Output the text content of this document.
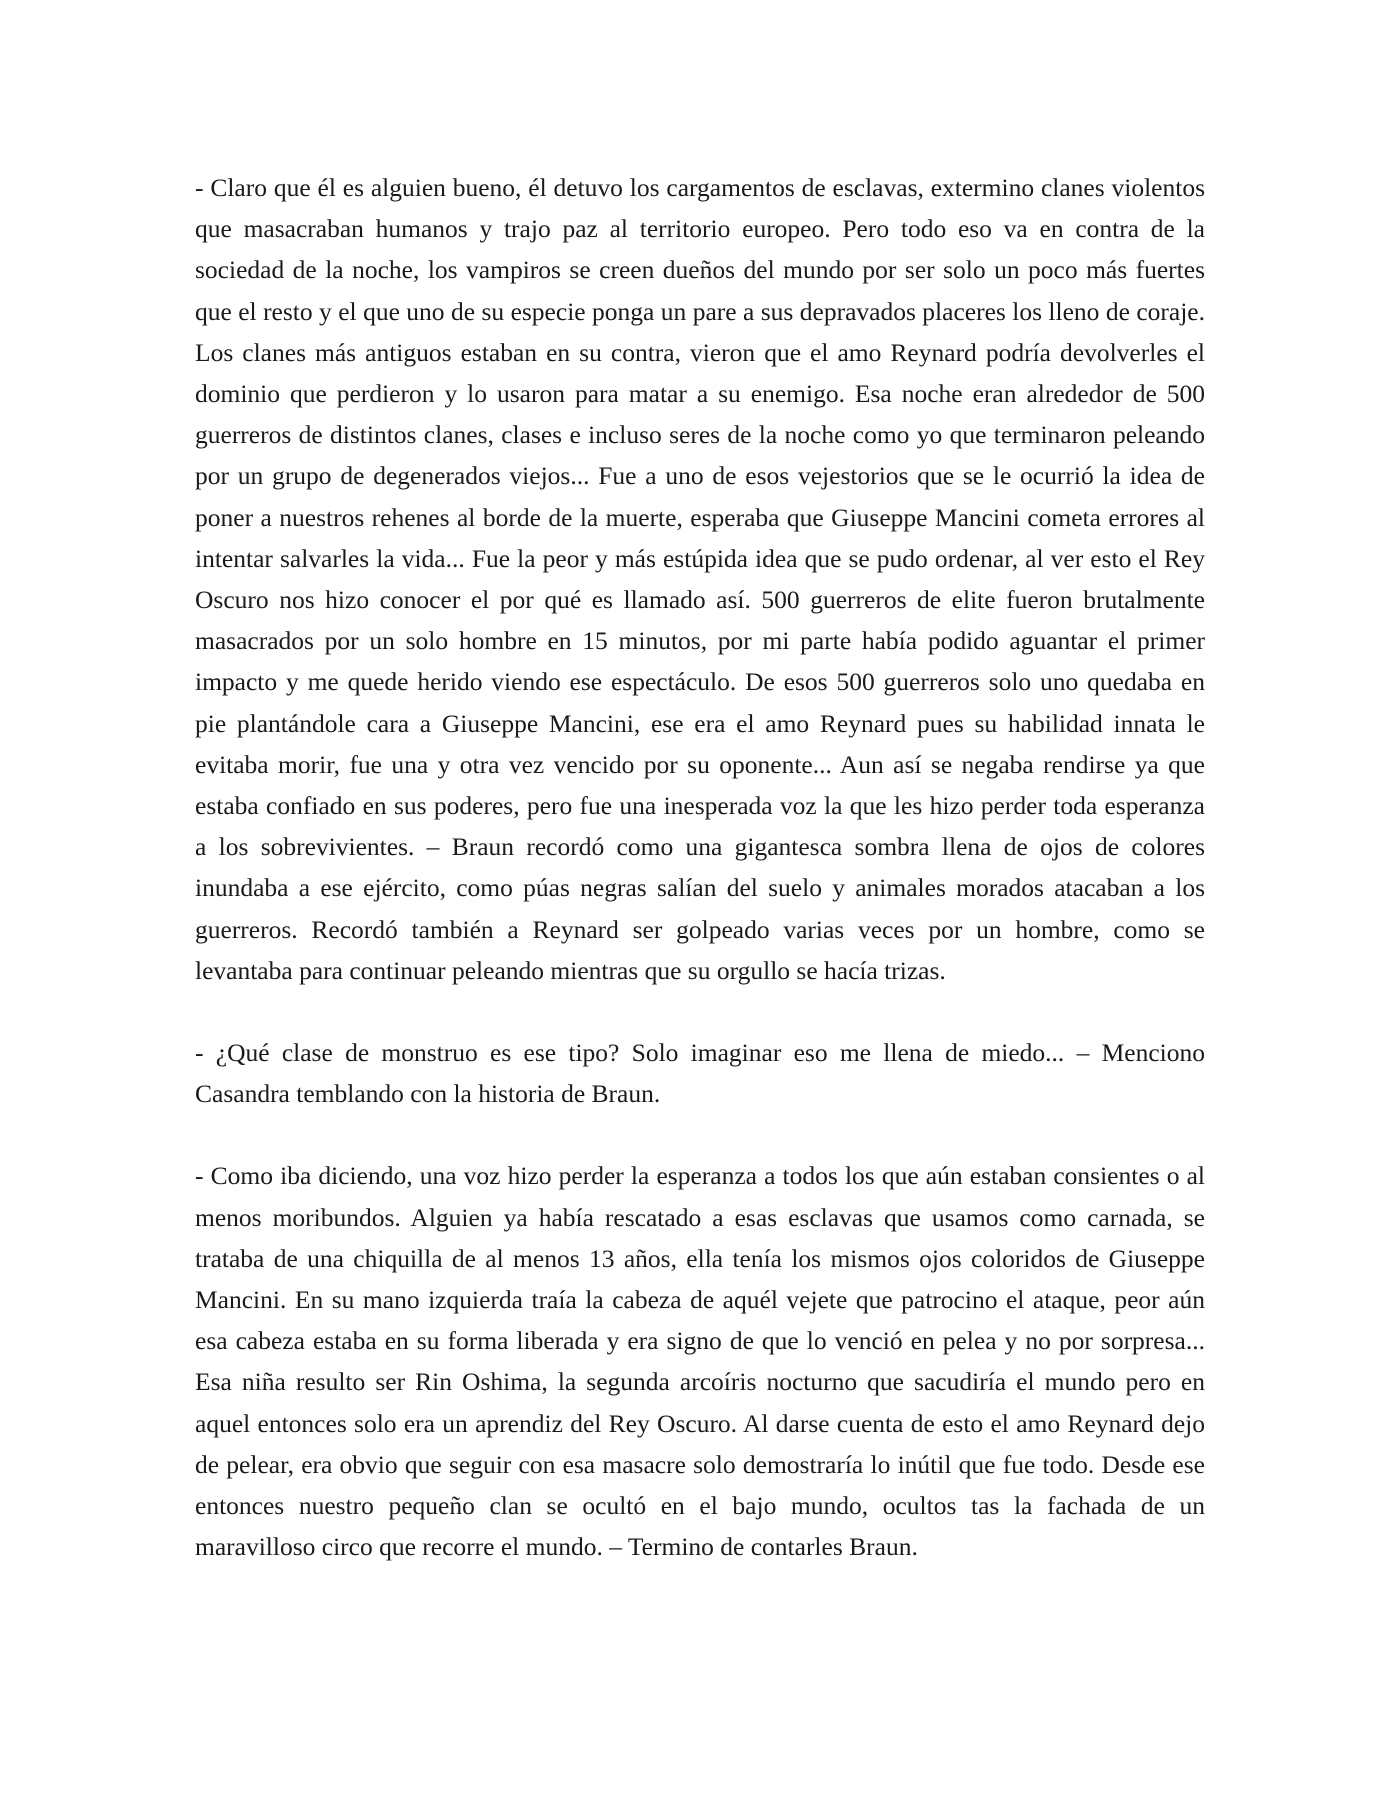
- Claro que él es alguien bueno, él detuvo los cargamentos de esclavas, extermino clanes violentos que masacraban humanos y trajo paz al territorio europeo. Pero todo eso va en contra de la sociedad de la noche, los vampiros se creen dueños del mundo por ser solo un poco más fuertes que el resto y el que uno de su especie ponga un pare a sus depravados placeres los lleno de coraje. Los clanes más antiguos estaban en su contra, vieron que el amo Reynard podría devolverles el dominio que perdieron y lo usaron para matar a su enemigo. Esa noche eran alrededor de 500 guerreros de distintos clanes, clases e incluso seres de la noche como yo que terminaron peleando por un grupo de degenerados viejos... Fue a uno de esos vejestorios que se le ocurrió la idea de poner a nuestros rehenes al borde de la muerte, esperaba que Giuseppe Mancini cometa errores al intentar salvarles la vida... Fue la peor y más estúpida idea que se pudo ordenar, al ver esto el Rey Oscuro nos hizo conocer el por qué es llamado así. 500 guerreros de elite fueron brutalmente masacrados por un solo hombre en 15 minutos, por mi parte había podido aguantar el primer impacto y me quede herido viendo ese espectáculo. De esos 500 guerreros solo uno quedaba en pie plantándole cara a Giuseppe Mancini, ese era el amo Reynard pues su habilidad innata le evitaba morir, fue una y otra vez vencido por su oponente... Aun así se negaba rendirse ya que estaba confiado en sus poderes, pero fue una inesperada voz la que les hizo perder toda esperanza a los sobrevivientes. – Braun recordó como una gigantesca sombra llena de ojos de colores inundaba a ese ejército, como púas negras salían del suelo y animales morados atacaban a los guerreros. Recordó también a Reynard ser golpeado varias veces por un hombre, como se levantaba para continuar peleando mientras que su orgullo se hacía trizas.

- ¿Qué clase de monstruo es ese tipo? Solo imaginar eso me llena de miedo... – Menciono Casandra temblando con la historia de Braun.

- Como iba diciendo, una voz hizo perder la esperanza a todos los que aún estaban consientes o al menos moribundos. Alguien ya había rescatado a esas esclavas que usamos como carnada, se trataba de una chiquilla de al menos 13 años, ella tenía los mismos ojos coloridos de Giuseppe Mancini. En su mano izquierda traía la cabeza de aquél vejete que patrocino el ataque, peor aún esa cabeza estaba en su forma liberada y era signo de que lo venció en pelea y no por sorpresa... Esa niña resulto ser Rin Oshima, la segunda arcoíris nocturno que sacudiría el mundo pero en aquel entonces solo era un aprendiz del Rey Oscuro. Al darse cuenta de esto el amo Reynard dejo de pelear, era obvio que seguir con esa masacre solo demostraría lo inútil que fue todo. Desde ese entonces nuestro pequeño clan se ocultó en el bajo mundo, ocultos tas la fachada de un maravilloso circo que recorre el mundo. – Termino de contarles Braun.
